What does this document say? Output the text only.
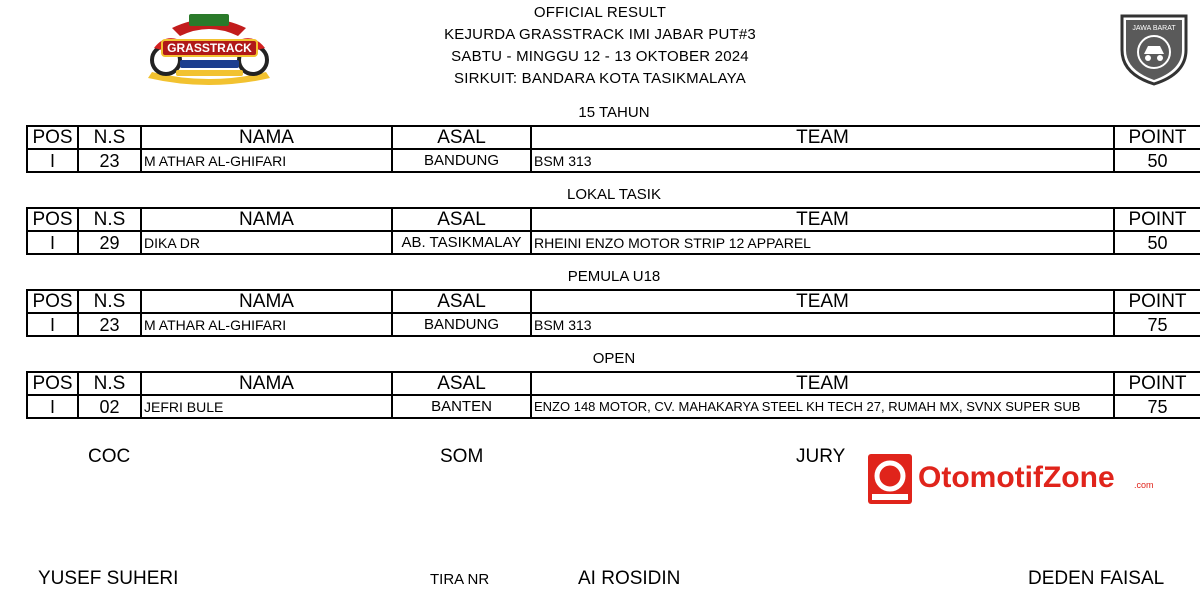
OFFICIAL RESULT
KEJURDA GRASSTRACK IMI JABAR PUT#3
SABTU - MINGGU 12 - 13 OKTOBER 2024
SIRKUIT: BANDARA KOTA TASIKMALAYA
GRASSTRACK
JAWA BARAT
15 TAHUN
POS	N.S	NAMA	ASAL	TEAM	POINT
I	23	M ATHAR AL-GHIFARI	BANDUNG	BSM 313	50
LOKAL TASIK
POS	N.S	NAMA	ASAL	TEAM	POINT
I	29	DIKA DR	AB. TASIKMALAY	RHEINI ENZO MOTOR STRIP 12 APPAREL	50
PEMULA U18
POS	N.S	NAMA	ASAL	TEAM	POINT
I	23	M ATHAR AL-GHIFARI	BANDUNG	BSM 313	75
OPEN
POS	N.S	NAMA	ASAL	TEAM	POINT
I	02	JEFRI BULE	BANTEN	ENZO 148 MOTOR, CV. MAHAKARYA STEEL KH TECH 27, RUMAH MX, SVNX SUPER SUB	75
COC	SOM	JURY
OtomotifZone .com
YUSEF SUHERI	TIRA NR	AI ROSIDIN	DEDEN FAISAL
